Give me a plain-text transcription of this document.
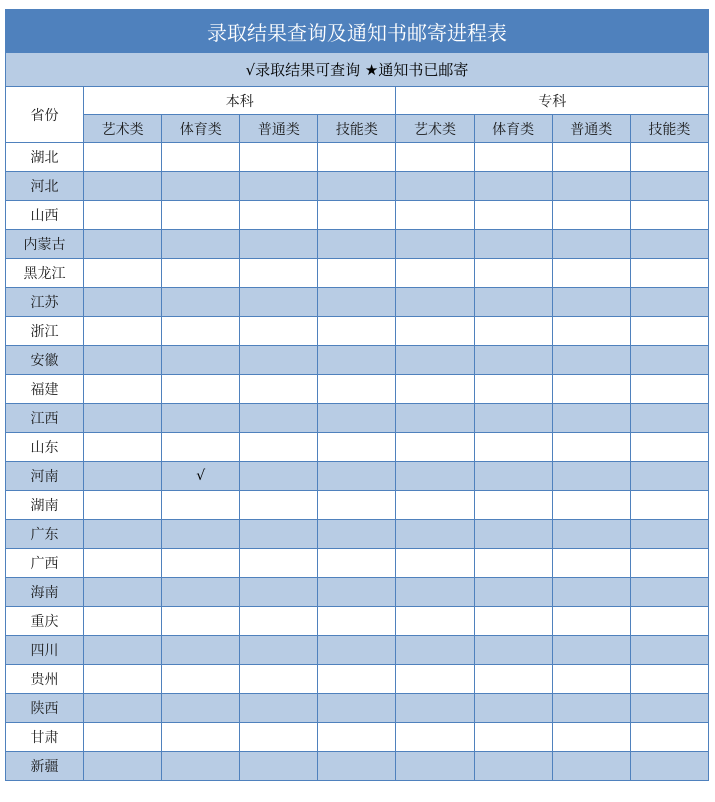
录取结果查询及通知书邮寄进程表								
√录取结果可查询 ★通知书已邮寄								
省份	本科				专科			
	艺术类	体育类	普通类	技能类	艺术类	体育类	普通类	技能类
湖北								
河北								
山西								
内蒙古								
黑龙江								
江苏								
浙江								
安徽								
福建								
江西								
山东								
河南		√						
湖南								
广东								
广西								
海南								
重庆								
四川								
贵州								
陕西								
甘肃								
新疆								
